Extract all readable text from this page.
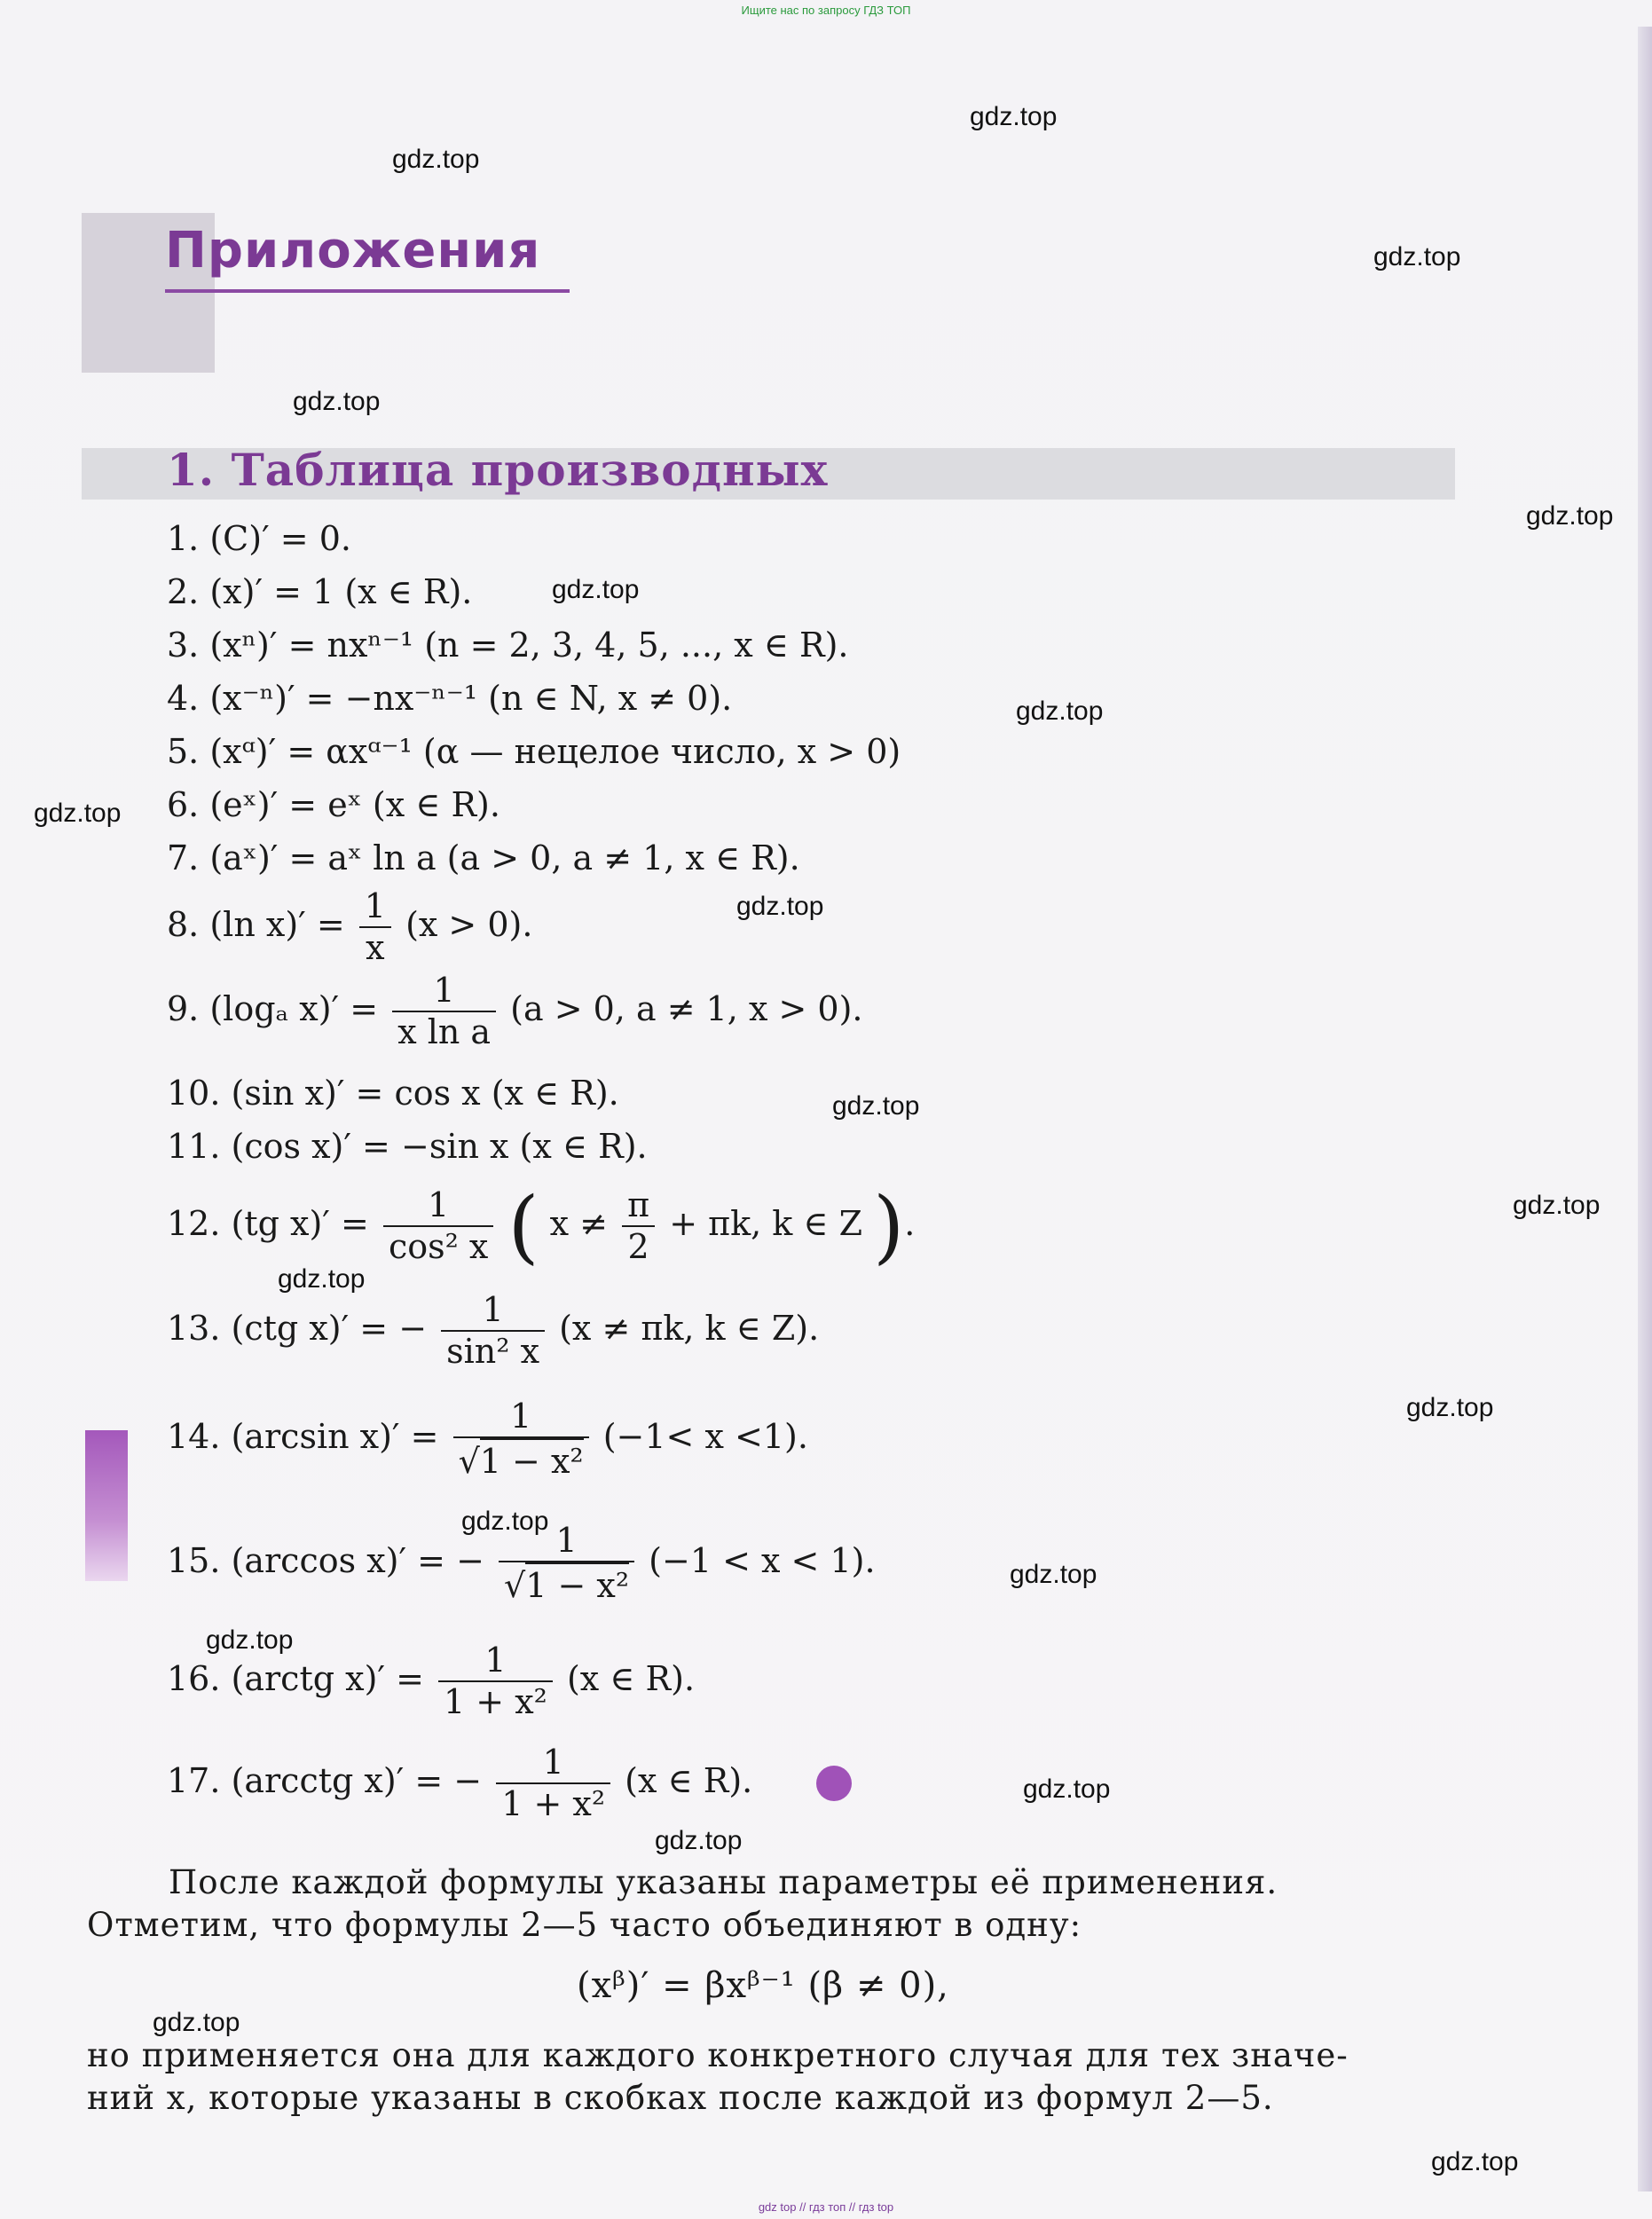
Ищите нас по запросу ГДЗ ТОП
gdz.top
gdz.top
gdz.top
gdz.top
gdz.top
gdz.top
gdz.top
gdz.top
gdz.top
gdz.top
gdz.top
gdz.top
gdz.top
gdz.top
gdz.top
gdz.top
gdz.top
gdz.top
gdz.top
gdz.top
Приложения
1. Таблица производных
1. (C)′ = 0.
2. (x)′ = 1 (x ∈ R).
3. (xⁿ)′ = nxⁿ⁻¹ (n = 2, 3, 4, 5, ..., x ∈ R).
4. (x⁻ⁿ)′ = −nx⁻ⁿ⁻¹ (n ∈ N, x ≠ 0).
5. (xᵅ)′ = αxᵅ⁻¹ (α — нецелое число, x > 0)
6. (eˣ)′ = eˣ (x ∈ R).
7. (aˣ)′ = aˣ ln a (a > 0, a ≠ 1, x ∈ R).
8. (ln $x)' = \frac{1}{x} (x > 0)$.
9. (logₐ $x)' = \frac{1}{\text{x ln a}} (a > 0$, a ≠ 1, x > 0).
10. (sin x)′ = cos x (x ∈ R).
11. (cos x)′ = −sin x (x ∈ R).
12. (tg $x)' = \frac{1}{\text{cos² x}}$ ( $x \ne \frac{\pi}{2} + \pi k$, k ∈ Z ).
13. (ctg x)′ = − $\frac{1}{\text{sin² x}} (x \ne \pi k$, k ∈ Z).
14. (arcsin $x)' = \frac{1}{\text{√1 − x²}} (-1< x <1)$.
15. (arccos x)′ = − $\frac{1}{\text{√1 − x²}} (-1 < x < 1)$.
16. (arctg $x)' = \frac{1}{\text{1 + x²}} (x$ ∈ R).
17. (arcctg x)′ = − $\frac{1}{\text{1 + x²}} (x$ ∈ R).
После каждой формулы указаны параметры её применения.
Отметим, что формулы 2—5 часто объединяют в одну:
(xᵝ)′ = βxᵝ⁻¹ (β ≠ 0),
но применяется она для каждого конкретного случая для тех значе-
ний x, которые указаны в скобках после каждой из формул 2—5.
gdz top // гдз топ // гдз top
